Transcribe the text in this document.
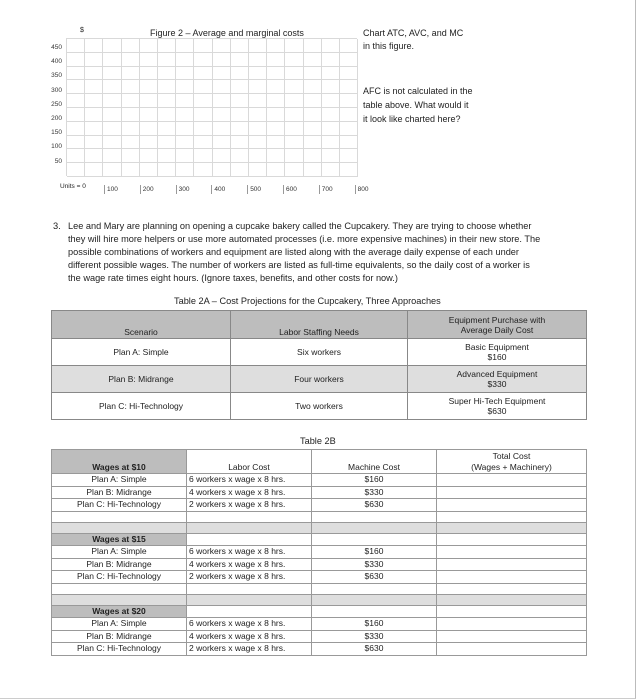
$	Figure 2 – Average and marginal costs
450
400
350
300
250
200
150
100
50
Units = 0	100	200	300	400	500	600	700	800
Chart ATC, AVC, and MC
in this figure.
AFC is not calculated in the
table above. What would it
it look like charted here?
3. Lee and Mary are planning on opening a cupcake bakery called the Cupcakery. They are trying to choose whether
they will hire more helpers or use more automated processes (i.e. more expensive machines) in their new store. The
possible combinations of workers and equipment are listed along with the average daily expense of each under
different possible wages. The number of workers are listed as full-time equivalents, so the daily cost of a worker is
the wage rate times eight hours. (Ignore taxes, benefits, and other costs for now.)
Table 2A – Cost Projections for the Cupcakery, Three Approaches
Scenario	Labor Staffing Needs	Equipment Purchase with
Average Daily Cost

Plan A: Simple	Six workers	Basic Equipment
$160

Plan B: Midrange	Four workers	Advanced Equipment
$330

Plan C: Hi-Technology	Two workers	Super Hi-Tech Equipment
$630
Table 2B
Wages at $10	Labor Cost	Machine Cost	Total Cost
(Wages + Machinery)

Plan A: Simple	6 workers x wage x 8 hrs.	$160	
Plan B: Midrange	4 workers x wage x 8 hrs.	$330	
Plan C: Hi-Technology	2 workers x wage x 8 hrs.	$630	

Wages at $15			
Plan A: Simple	6 workers x wage x 8 hrs.	$160	
Plan B: Midrange	4 workers x wage x 8 hrs.	$330	
Plan C: Hi-Technology	2 workers x wage x 8 hrs.	$630	

Wages at $20			
Plan A: Simple	6 workers x wage x 8 hrs.	$160	
Plan B: Midrange	4 workers x wage x 8 hrs.	$330	
Plan C: Hi-Technology	2 workers x wage x 8 hrs.	$630	
